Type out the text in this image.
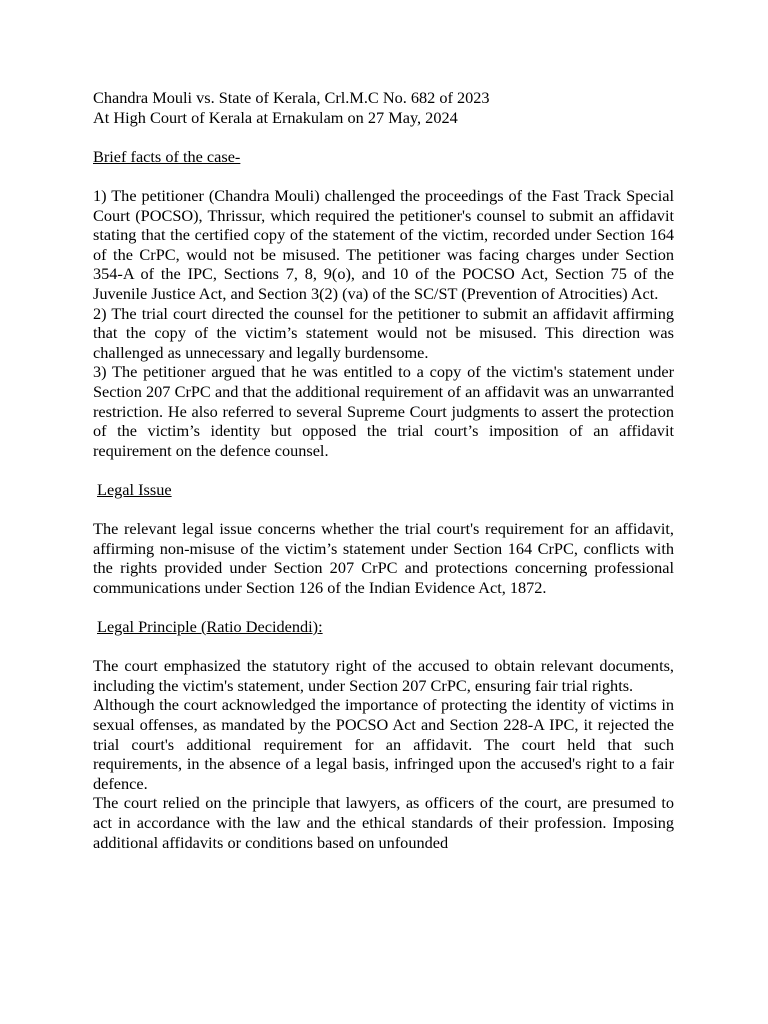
Chandra Mouli vs. State of Kerala, Crl.M.C No. 682 of 2023
At High Court of Kerala at Ernakulam on 27 May, 2024

Brief facts of the case-

1) The petitioner (Chandra Mouli) challenged the proceedings of the Fast Track Special Court (POCSO), Thrissur, which required the petitioner's counsel to submit an affidavit stating that the certified copy of the statement of the victim, recorded under Section 164 of the CrPC, would not be misused. The petitioner was facing charges under Section 354-A of the IPC, Sections 7, 8, 9(o), and 10 of the POCSO Act, Section 75 of the Juvenile Justice Act, and Section 3(2) (va) of the SC/ST (Prevention of Atrocities) Act.

2) The trial court directed the counsel for the petitioner to submit an affidavit affirming that the copy of the victim’s statement would not be misused. This direction was challenged as unnecessary and legally burdensome.

3) The petitioner argued that he was entitled to a copy of the victim's statement under Section 207 CrPC and that the additional requirement of an affidavit was an unwarranted restriction. He also referred to several Supreme Court judgments to assert the protection of the victim’s identity but opposed the trial court’s imposition of an affidavit requirement on the defence counsel.

Legal Issue

The relevant legal issue concerns whether the trial court's requirement for an affidavit, affirming non-misuse of the victim’s statement under Section 164 CrPC, conflicts with the rights provided under Section 207 CrPC and protections concerning professional communications under Section 126 of the Indian Evidence Act, 1872.

Legal Principle (Ratio Decidendi):

The court emphasized the statutory right of the accused to obtain relevant documents, including the victim's statement, under Section 207 CrPC, ensuring fair trial rights.

Although the court acknowledged the importance of protecting the identity of victims in sexual offenses, as mandated by the POCSO Act and Section 228-A IPC, it rejected the trial court's additional requirement for an affidavit. The court held that such requirements, in the absence of a legal basis, infringed upon the accused's right to a fair defence.

The court relied on the principle that lawyers, as officers of the court, are presumed to act in accordance with the law and the ethical standards of their profession. Imposing additional affidavits or conditions based on unfounded
